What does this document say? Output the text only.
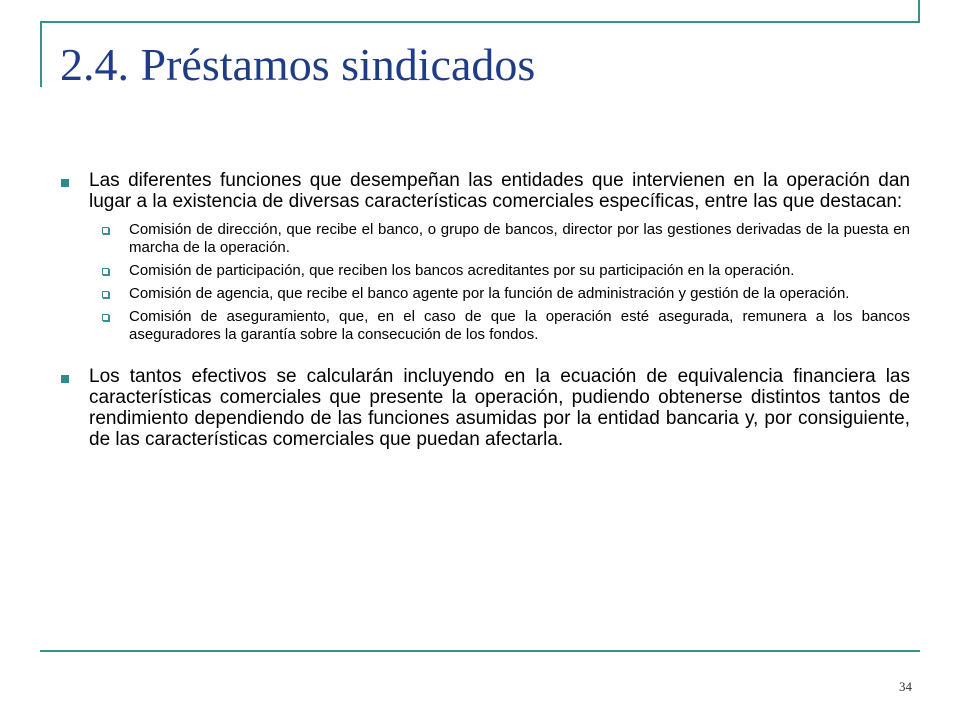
2.4. Préstamos sindicados
Las diferentes funciones que desempeñan las entidades que intervienen en la operación dan lugar a la existencia de diversas características comerciales específicas, entre las que destacan:
Comisión de dirección, que recibe el banco, o grupo de bancos, director por las gestiones derivadas de la puesta en marcha de la operación.
Comisión de participación, que reciben los bancos acreditantes por su participación en la operación.
Comisión de agencia, que recibe el banco agente por la función de administración y gestión de la operación.
Comisión de aseguramiento, que, en el caso de que la operación esté asegurada, remunera a los bancos aseguradores la garantía sobre la consecución de los fondos.
Los tantos efectivos se calcularán incluyendo en la ecuación de equivalencia financiera las características comerciales que presente la operación, pudiendo obtenerse distintos tantos de rendimiento dependiendo de las funciones asumidas por la entidad bancaria y, por consiguiente, de las características comerciales que puedan afectarla.
34
